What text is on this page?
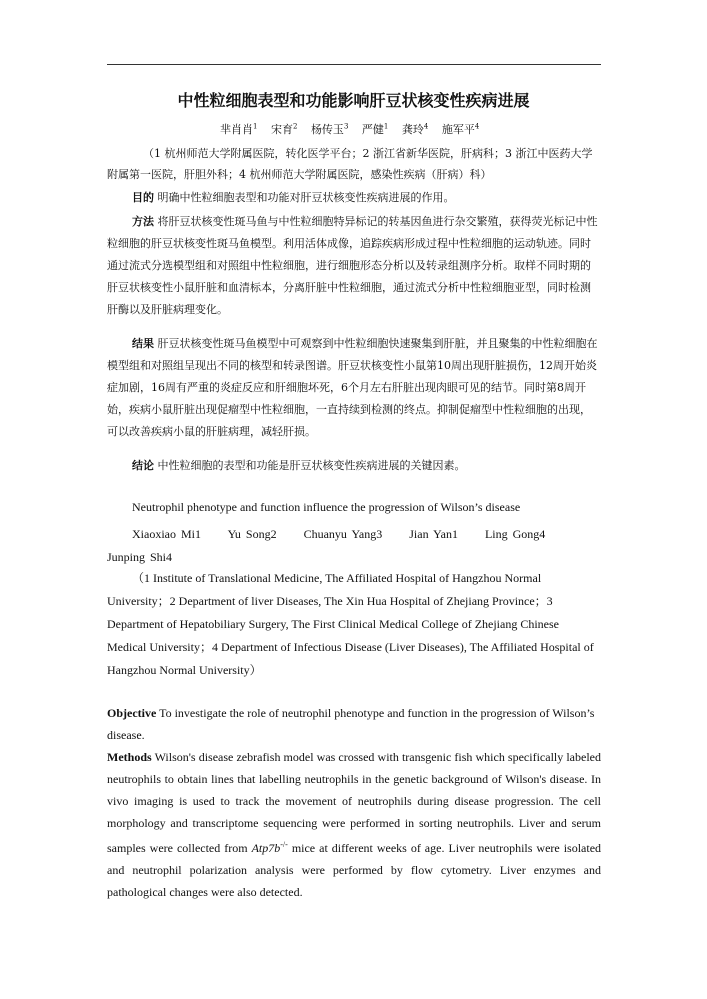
中性粒细胞表型和功能影响肝豆状核变性疾病进展
芈肖肖$^1$ 宋育$^2$ 杨传玉$^3$ 严健$^1$ 龚玲$^4$ 施军平$^4$
（1 杭州师范大学附属医院，转化医学平台；2 浙江省新华医院，肝病科；3 浙江中医药大学附属第一医院，肝胆外科；4 杭州师范大学附属医院，感染性疾病（肝病）科）
目的 明确中性粒细胞表型和功能对肝豆状核变性疾病进展的作用。
方法 将肝豆状核变性斑马鱼与中性粒细胞特异标记的转基因鱼进行杂交繁殖，获得荧光标记中性粒细胞的肝豆状核变性斑马鱼模型。利用活体成像，追踪疾病形成过程中性粒细胞的运动轨迹。同时通过流式分选模型组和对照组中性粒细胞，进行细胞形态分析以及转录组测序分析。取样不同时期的肝豆状核变性小鼠肝脏和血清标本，分离肝脏中性粒细胞，通过流式分析中性粒细胞亚型，同时检测肝酶以及肝脏病理变化。
结果 肝豆状核变性斑马鱼模型中可观察到中性粒细胞快速聚集到肝脏，并且聚集的中性粒细胞在模型组和对照组呈现出不同的核型和转录图谱。肝豆状核变性小鼠第10周出现肝脏损伤，12周开始炎症加剧，16周有严重的炎症反应和肝细胞坏死，6个月左右肝脏出现肉眼可见的结节。同时第8周开始，疾病小鼠肝脏出现促瘤型中性粒细胞，一直持续到检测的终点。抑制促瘤型中性粒细胞的出现，可以改善疾病小鼠的肝脏病理，减轻肝损。
结论 中性粒细胞的表型和功能是肝豆状核变性疾病进展的关键因素。
Neutrophil phenotype and function influence the progression of Wilson’s disease
Xiaoxiao Mi1 Yu Song2 Chuanyu Yang3 Jian Yan1 Ling Gong4 Junping Shi4
（1 Institute of Translational Medicine, The Affiliated Hospital of Hangzhou Normal University；2 Department of liver Diseases, The Xin Hua Hospital of Zhejiang Province；3 Department of Hepatobiliary Surgery, The First Clinical Medical College of Zhejiang Chinese Medical University；4 Department of Infectious Disease (Liver Diseases), The Affiliated Hospital of Hangzhou Normal University）
Objective To investigate the role of neutrophil phenotype and function in the progression of Wilson’s disease.
Methods Wilson's disease zebrafish model was crossed with transgenic fish which specifically labeled neutrophils to obtain lines that labelling neutrophils in the genetic background of Wilson's disease. In vivo imaging is used to track the movement of neutrophils during disease progression. The cell morphology and transcriptome sequencing were performed in sorting neutrophils. Liver and serum samples were collected from Atp7b-/- mice at different weeks of age. Liver neutrophils were isolated and neutrophil polarization analysis were performed by flow cytometry. Liver enzymes and pathological changes were also detected.
